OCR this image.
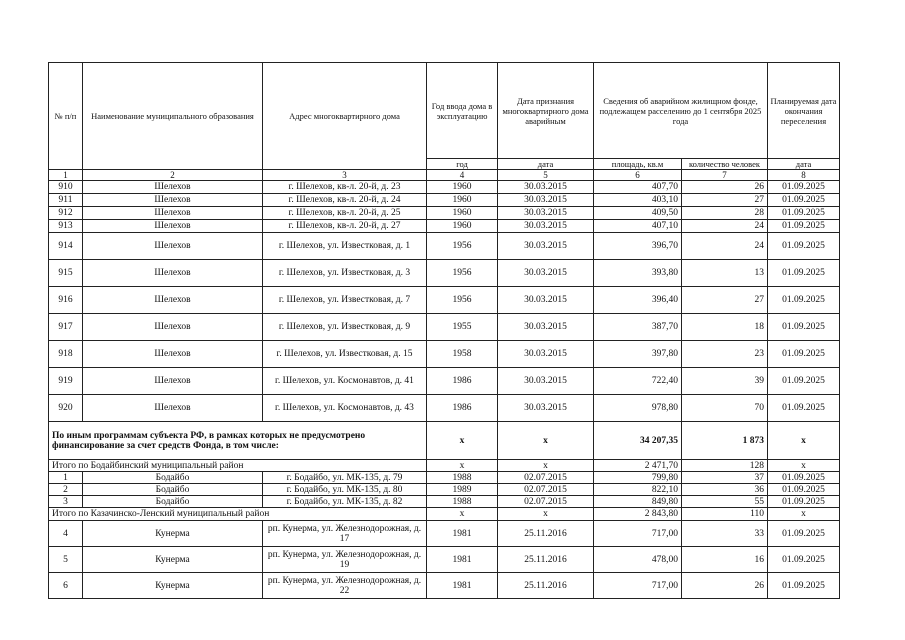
№ п/п	Наименование муниципального образования	Адрес многоквартирного дома	Год ввода дома в эксплуатацию	Дата признания многоквартирного дома аварийным	Сведения об аварийном жилищном фонде, подлежащем расселению до 1 сентября 2025 года		Планируемая дата окончания переселения
			год	дата	площадь, кв.м	количество человек	дата
1	2	3	4	5	6	7	8
910	Шелехов	г. Шелехов, кв-л. 20-й, д. 23	1960	30.03.2015	407,70	26	01.09.2025
911	Шелехов	г. Шелехов, кв-л. 20-й, д. 24	1960	30.03.2015	403,10	27	01.09.2025
912	Шелехов	г. Шелехов, кв-л. 20-й, д. 25	1960	30.03.2015	409,50	28	01.09.2025
913	Шелехов	г. Шелехов, кв-л. 20-й, д. 27	1960	30.03.2015	407,10	24	01.09.2025
914	Шелехов	г. Шелехов, ул. Известковая, д. 1	1956	30.03.2015	396,70	24	01.09.2025
915	Шелехов	г. Шелехов, ул. Известковая, д. 3	1956	30.03.2015	393,80	13	01.09.2025
916	Шелехов	г. Шелехов, ул. Известковая, д. 7	1956	30.03.2015	396,40	27	01.09.2025
917	Шелехов	г. Шелехов, ул. Известковая, д. 9	1955	30.03.2015	387,70	18	01.09.2025
918	Шелехов	г. Шелехов, ул. Известковая, д. 15	1958	30.03.2015	397,80	23	01.09.2025
919	Шелехов	г. Шелехов, ул. Космонавтов, д. 41	1986	30.03.2015	722,40	39	01.09.2025
920	Шелехов	г. Шелехов, ул. Космонавтов, д. 43	1986	30.03.2015	978,80	70	01.09.2025
По иным программам субъекта РФ, в рамках которых не предусмотрено финансирование за счет средств Фонда, в том числе:			x	x	34 207,35	1 873	x
Итого по Бодайбинский муниципальный район			x	x	2 471,70	128	x
1	Бодайбо	г. Бодайбо, ул. МК-135, д. 79	1988	02.07.2015	799,80	37	01.09.2025
2	Бодайбо	г. Бодайбо, ул. МК-135, д. 80	1989	02.07.2015	822,10	36	01.09.2025
3	Бодайбо	г. Бодайбо, ул. МК-135, д. 82	1988	02.07.2015	849,80	55	01.09.2025
Итого по Казачинско-Ленский муниципальный район			x	x	2 843,80	110	x
4	Кунерма	рп. Кунерма, ул. Железнодорожная, д. 17	1981	25.11.2016	717,00	33	01.09.2025
5	Кунерма	рп. Кунерма, ул. Железнодорожная, д. 19	1981	25.11.2016	478,00	16	01.09.2025
6	Кунерма	рп. Кунерма, ул. Железнодорожная, д. 22	1981	25.11.2016	717,00	26	01.09.2025
